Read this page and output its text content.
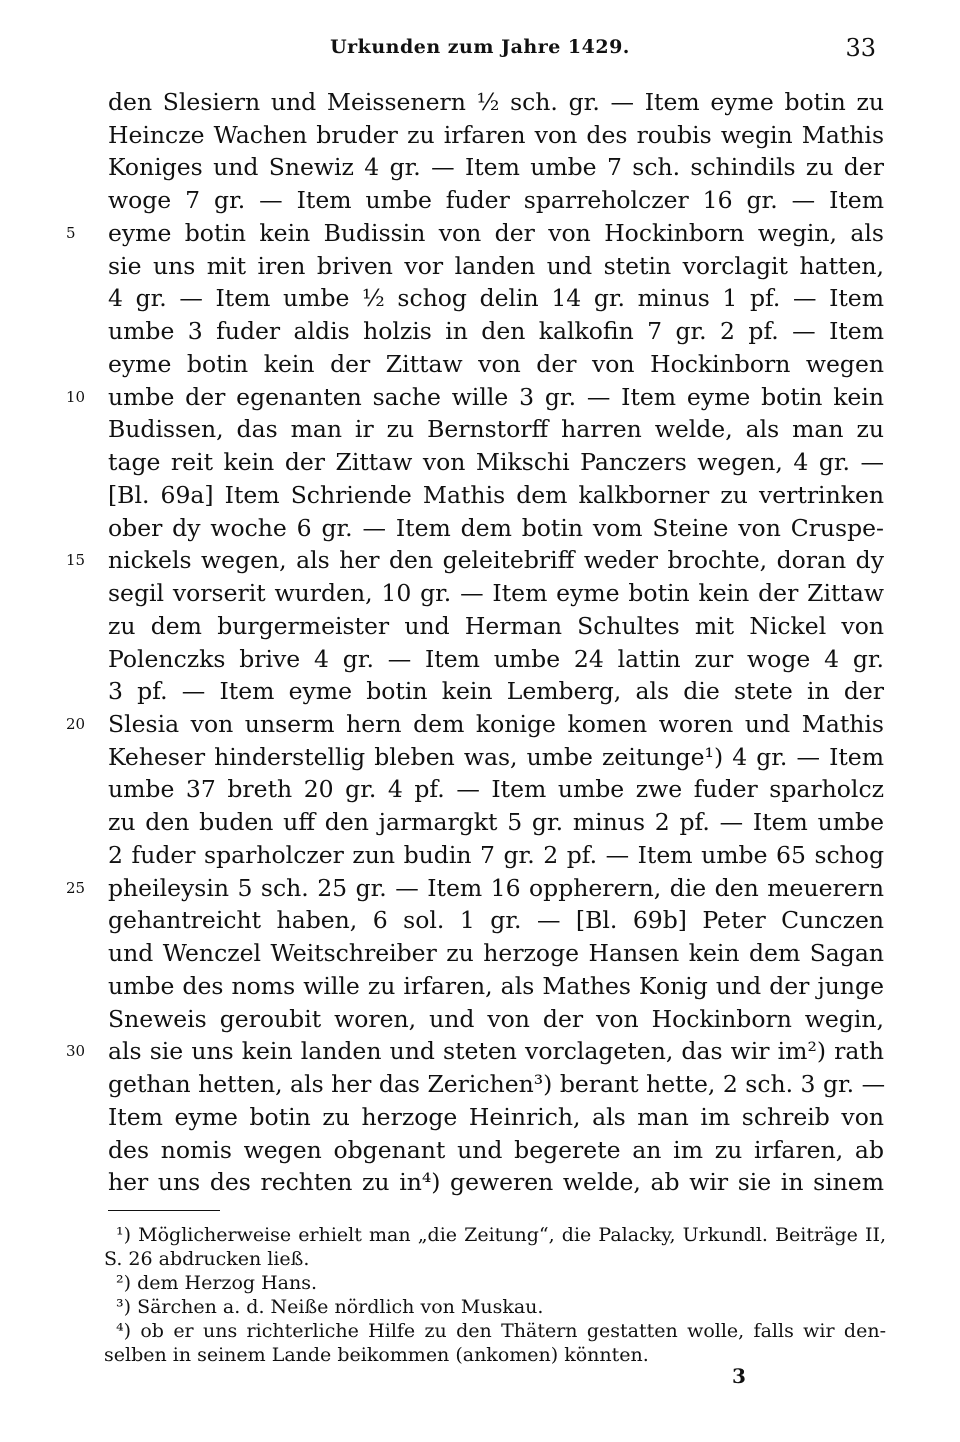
Urkunden zum Jahre 1429.	33
den Slesiern und Meissenern ½ sch. gr. — Item eyme botin zu
Heincze Wachen bruder zu irfaren von des roubis wegin Mathis
Koniges und Snewiz 4 gr. — Item umbe 7 sch. schindils zu der
woge 7 gr. — Item umbe fuder sparreholczer 16 gr. — Item
eyme botin kein Budissin von der von Hockinborn wegin, als
sie uns mit iren briven vor landen und stetin vorclagit hatten,
4 gr. — Item umbe ½ schog delin 14 gr. minus 1 pf. — Item
umbe 3 fuder aldis holzis in den kalkofin 7 gr. 2 pf. — Item
eyme botin kein der Zittaw von der von Hockinborn wegen
umbe der egenanten sache wille 3 gr. — Item eyme botin kein
Budissen, das man ir zu Bernstorff harren welde, als man zu
tage reit kein der Zittaw von Mikschi Panczers wegen, 4 gr. —
[Bl. 69a] Item Schriende Mathis dem kalkborner zu vertrinken
ober dy woche 6 gr. — Item dem botin vom Steine von Cruspe-
nickels wegen, als her den geleitebriff weder brochte, doran dy
segil vorserit wurden, 10 gr. — Item eyme botin kein der Zittaw
zu dem burgermeister und Herman Schultes mit Nickel von
Polenczks brive 4 gr. — Item umbe 24 lattin zur woge 4 gr.
3 pf. — Item eyme botin kein Lemberg, als die stete in der
Slesia von unserm hern dem konige komen woren und Mathis
Keheser hinderstellig bleben was, umbe zeitunge¹) 4 gr. — Item
umbe 37 breth 20 gr. 4 pf. — Item umbe zwe fuder sparholcz
zu den buden uff den jarmargkt 5 gr. minus 2 pf. — Item umbe
2 fuder sparholczer zun budin 7 gr. 2 pf. — Item umbe 65 schog
pheileysin 5 sch. 25 gr. — Item 16 oppherern, die den meuerern
gehantreicht haben, 6 sol. 1 gr. — [Bl. 69b] Peter Cunczen
und Wenczel Weitschreiber zu herzoge Hansen kein dem Sagan
umbe des noms wille zu irfaren, als Mathes Konig und der junge
Sneweis geroubit woren, und von der von Hockinborn wegin,
als sie uns kein landen und steten vorclageten, das wir im²) rath
gethan hetten, als her das Zerichen³) berant hette, 2 sch. 3 gr. —
Item eyme botin zu herzoge Heinrich, als man im schreib von
des nomis wegen obgenant und begerete an im zu irfaren, ab
her uns des rechten zu in⁴) geweren welde, ab wir sie in sinem
5
10
15
20
25
30
¹) Möglicherweise erhielt man „die Zeitung“, die Palacky, Urkundl. Beiträge II,
S. 26 abdrucken ließ.
²) dem Herzog Hans.
³) Särchen a. d. Neiße nördlich von Muskau.
⁴) ob er uns richterliche Hilfe zu den Thätern gestatten wolle, falls wir den-
selben in seinem Lande beikommen (ankomen) könnten.
3
